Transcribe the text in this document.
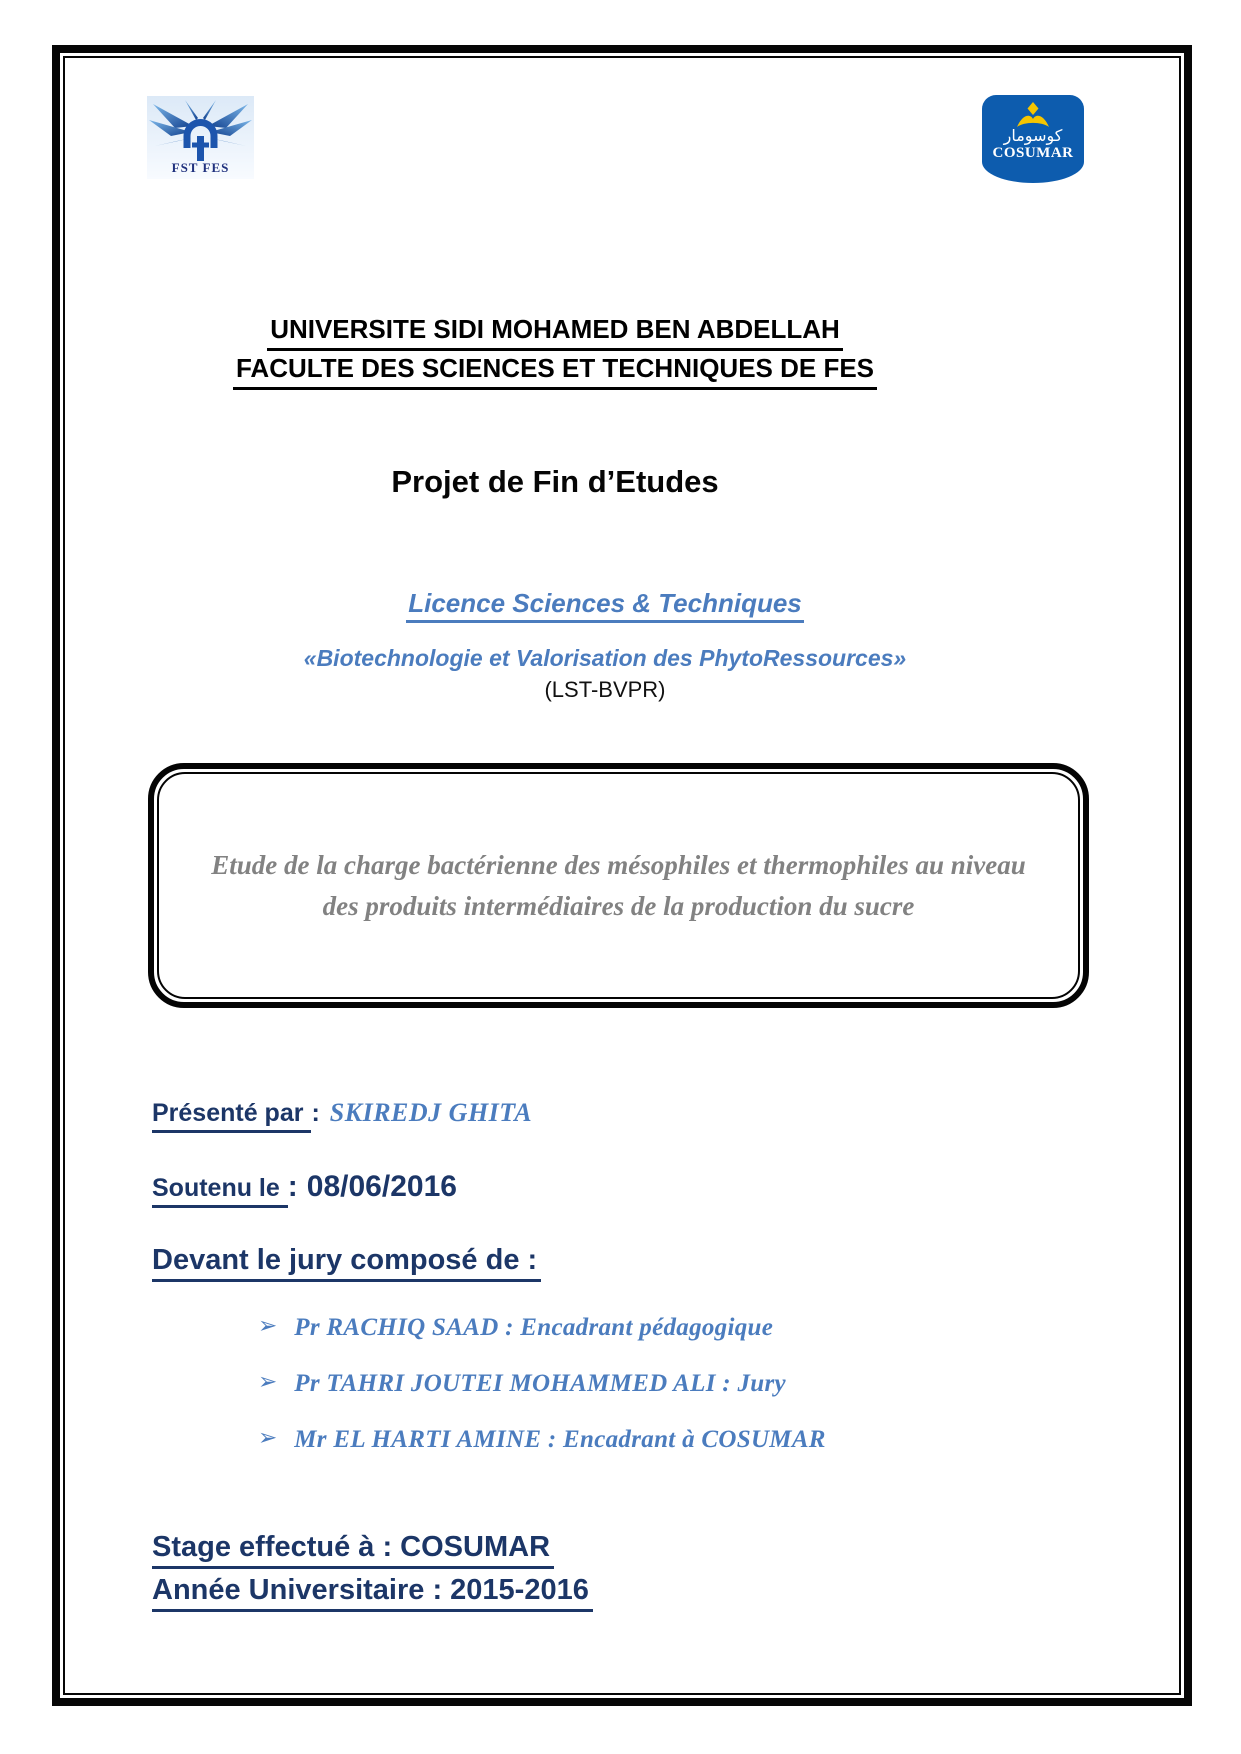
FST FES
كوسومار
COSUMAR
UNIVERSITE SIDI MOHAMED BEN ABDELLAH
FACULTE DES SCIENCES ET TECHNIQUES DE FES
Projet de Fin d’Etudes
Licence Sciences & Techniques
«Biotechnologie et Valorisation des PhytoRessources»
(LST-BVPR)
Etude de la charge bactérienne des mésophiles et thermophiles au niveau des produits intermédiaires de la production du sucre
Présenté par : SKIREDJ GHITA
Soutenu le : 08/06/2016
Devant le jury composé de :
➢ Pr RACHIQ SAAD : Encadrant pédagogique
➢ Pr TAHRI JOUTEI MOHAMMED ALI : Jury
➢ Mr EL HARTI AMINE : Encadrant à COSUMAR
Stage effectué à : COSUMAR
Année Universitaire : 2015-2016
